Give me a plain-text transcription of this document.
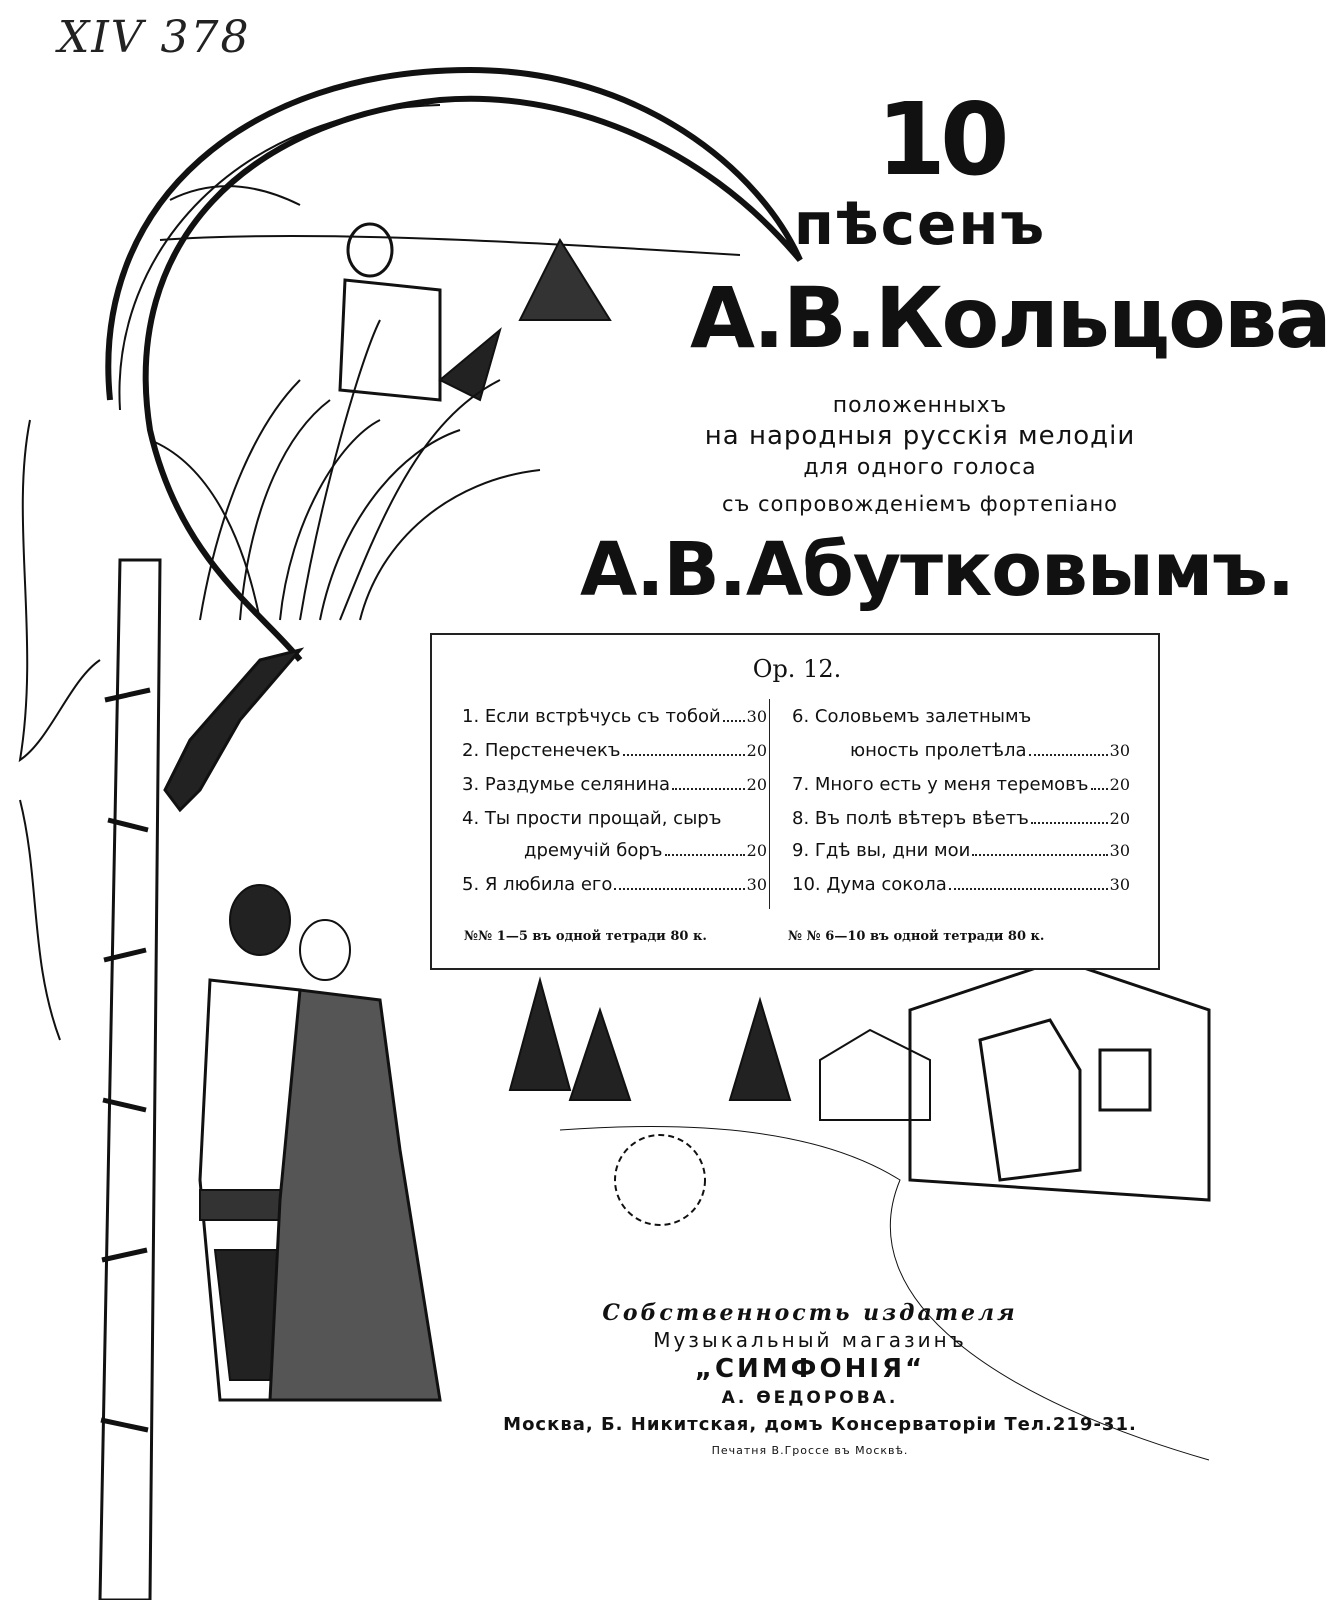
XIV 378
10
пѣсенъ
А.В.Кольцова
положенныхъ
на народныя русскія мелодіи
для одного голоса
съ сопровожденіемъ фортепіано
А.В.Абутковымъ.
Op. 12.
1. Если встрѣчусь съ тобой 30
2. Перстенечекъ	20
3. Раздумье селянина	20
4. Ты прости прощай, сыръ
дремучій боръ	20
5. Я любила его	30
6. Соловьемъ залетнымъ
юность пролетѣла	30
7. Много есть у меня теремовъ 20
8. Въ полѣ вѣтеръ вѣетъ	20
9. Гдѣ вы, дни мои	30
10. Дума сокола	30
№№ 1—5 въ одной тетради 80 к.	№ № 6—10 въ одной тетради 80 к.
Собственность издателя
Музыкальный магазинъ
„СИМФОНІЯ“
А. ѲЕДОРОВА.
Москва, Б. Никитская, домъ Консерваторіи Тел.219-31.
Печатня В.Гроссе въ Москвѣ.
